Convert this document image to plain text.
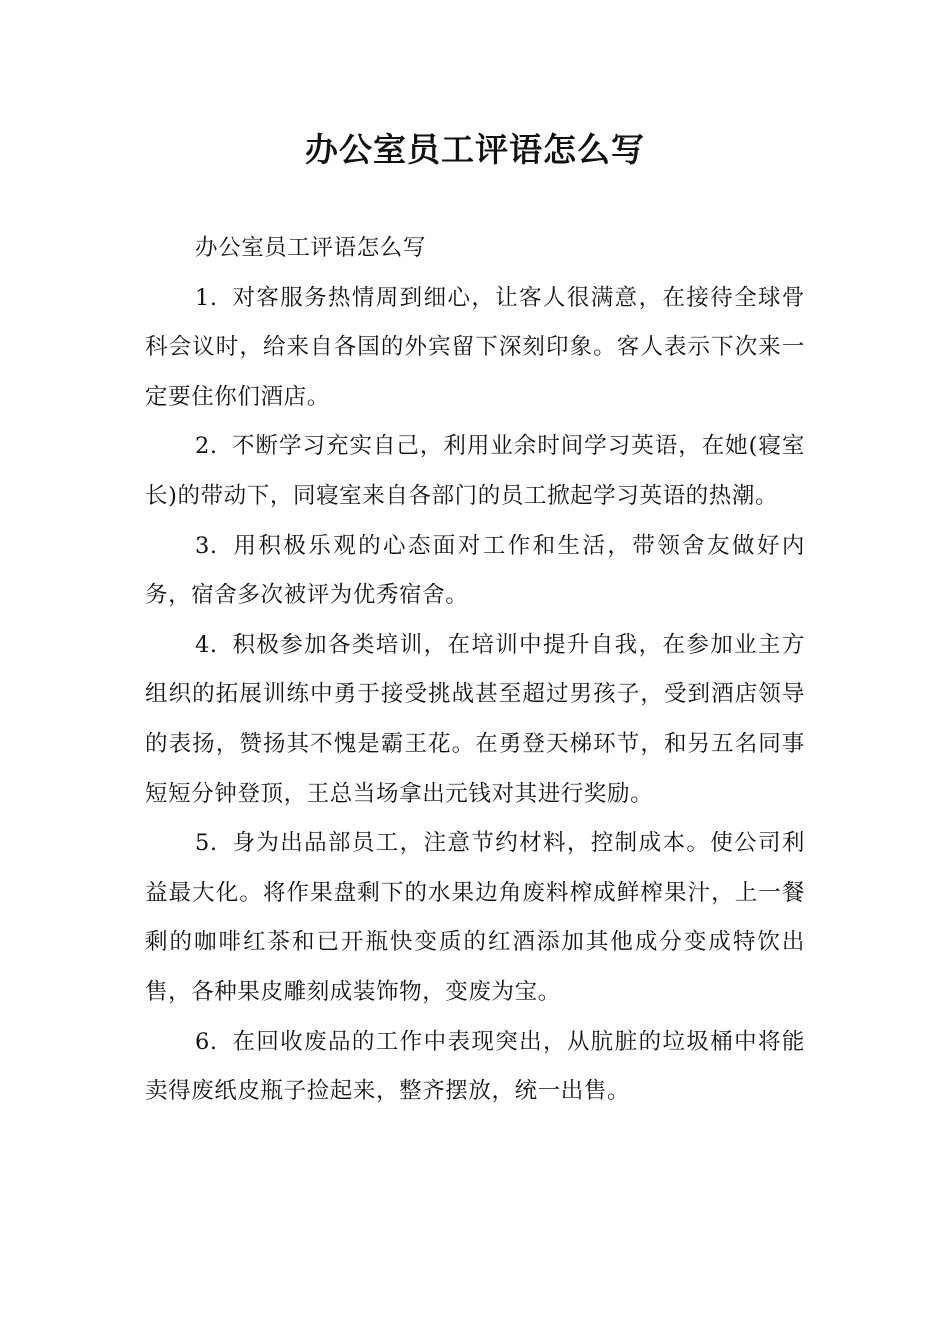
办公室员工评语怎么写

办公室员工评语怎么写

1. 对客服务热情周到细心，让客人很满意，在接待全球骨科会议时，给来自各国的外宾留下深刻印象。客人表示下次来一定要住你们酒店。

2. 不断学习充实自己，利用业余时间学习英语，在她(寝室长)的带动下，同寝室来自各部门的员工掀起学习英语的热潮。

3. 用积极乐观的心态面对工作和生活，带领舍友做好内务，宿舍多次被评为优秀宿舍。

4. 积极参加各类培训，在培训中提升自我，在参加业主方组织的拓展训练中勇于接受挑战甚至超过男孩子，受到酒店领导的表扬，赞扬其不愧是霸王花。在勇登天梯环节，和另五名同事短短分钟登顶，王总当场拿出元钱对其进行奖励。

5. 身为出品部员工，注意节约材料，控制成本。使公司利益最大化。将作果盘剩下的水果边角废料榨成鲜榨果汁，上一餐剩的咖啡红茶和已开瓶快变质的红酒添加其他成分变成特饮出售，各种果皮雕刻成装饰物，变废为宝。

6. 在回收废品的工作中表现突出，从肮脏的垃圾桶中将能卖得废纸皮瓶子捡起来，整齐摆放，统一出售。
